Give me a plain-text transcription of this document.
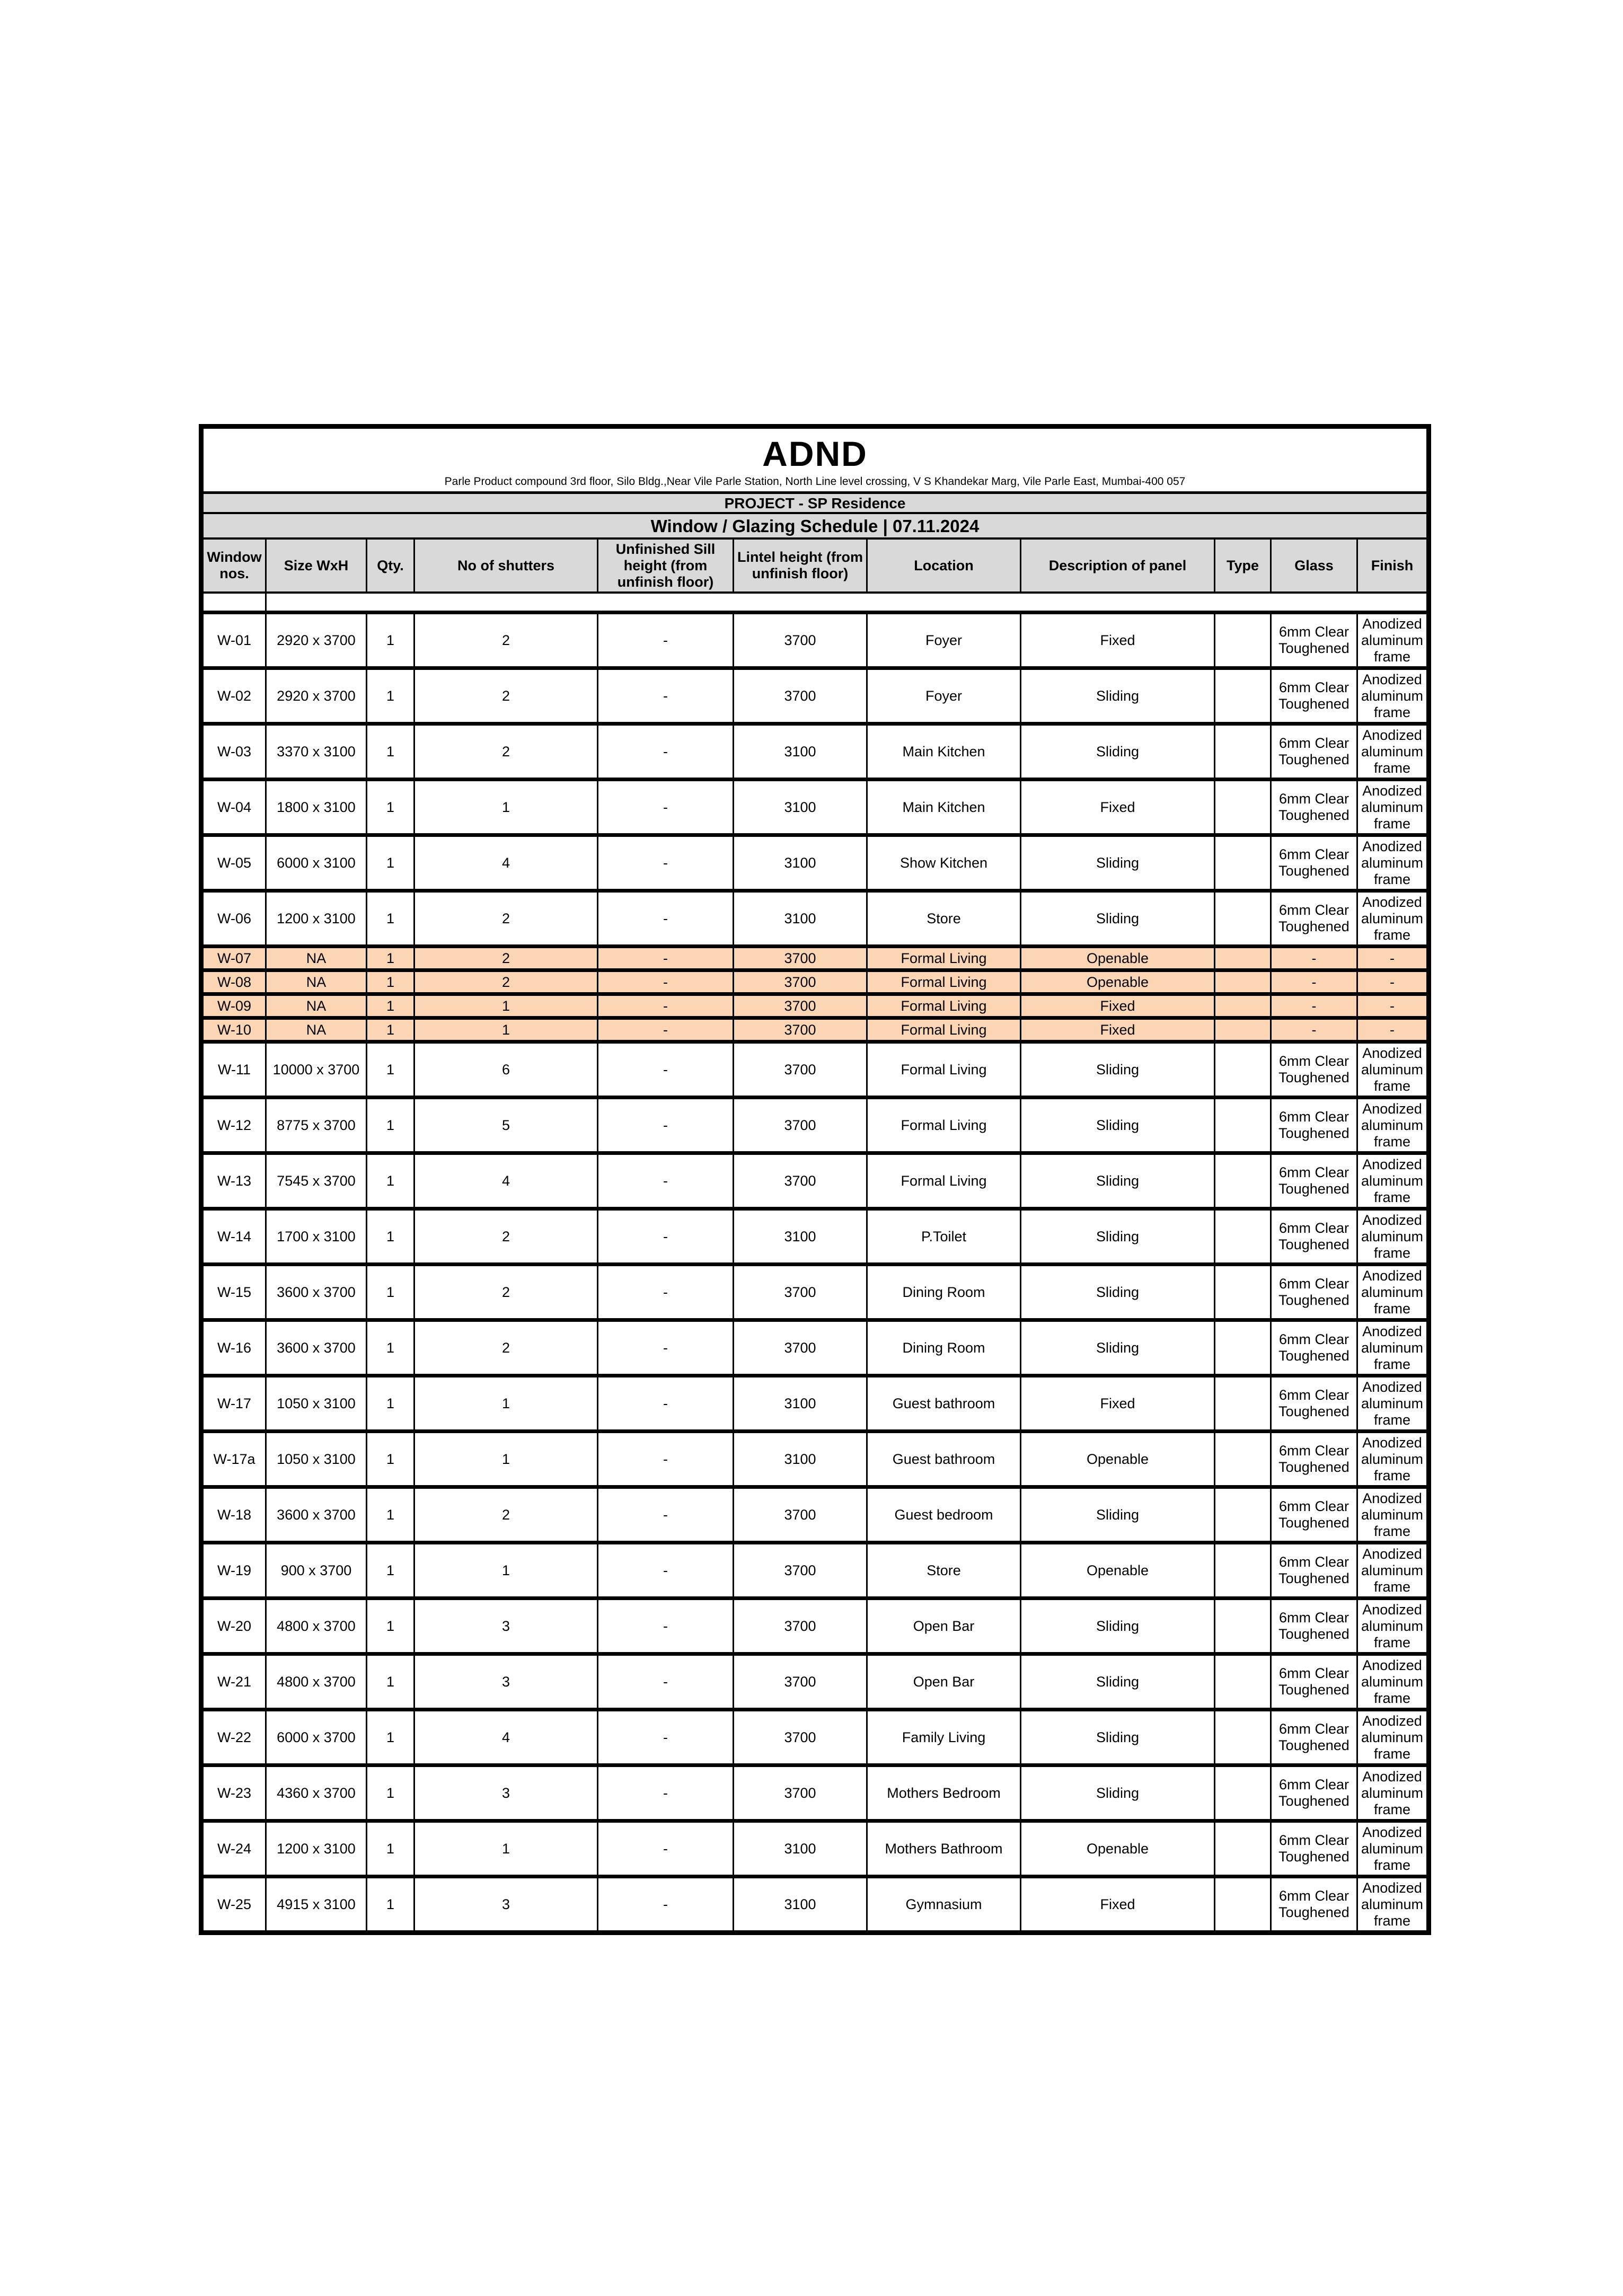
ADND
Parle Product compound 3rd floor, Silo Bldg.,Near Vile Parle Station, North Line level crossing, V S Khandekar Marg, Vile Parle East, Mumbai-400 057										

PROJECT - SP Residence										
Window / Glazing Schedule | 07.11.2024										
Window nos.	Size WxH	Qty.	No of shutters	Unfinished Sill height (from unfinish floor)	Lintel height (from unfinish floor)	Location	Description of panel	Type	Glass	Finish

W-01	2920 x 3700	1	2	-	3700	Foyer	Fixed		6mm Clear Toughened	Anodized aluminum frame
W-02	2920 x 3700	1	2	-	3700	Foyer	Sliding		6mm Clear Toughened	Anodized aluminum frame
W-03	3370 x 3100	1	2	-	3100	Main Kitchen	Sliding		6mm Clear Toughened	Anodized aluminum frame
W-04	1800 x 3100	1	1	-	3100	Main Kitchen	Fixed		6mm Clear Toughened	Anodized aluminum frame
W-05	6000 x 3100	1	4	-	3100	Show Kitchen	Sliding		6mm Clear Toughened	Anodized aluminum frame
W-06	1200 x 3100	1	2	-	3100	Store	Sliding		6mm Clear Toughened	Anodized aluminum frame
W-07	NA	1	2	-	3700	Formal Living	Openable		-	-
W-08	NA	1	2	-	3700	Formal Living	Openable		-	-
W-09	NA	1	1	-	3700	Formal Living	Fixed		-	-
W-10	NA	1	1	-	3700	Formal Living	Fixed		-	-
W-11	10000 x 3700	1	6	-	3700	Formal Living	Sliding		6mm Clear Toughened	Anodized aluminum frame
W-12	8775 x 3700	1	5	-	3700	Formal Living	Sliding		6mm Clear Toughened	Anodized aluminum frame
W-13	7545 x 3700	1	4	-	3700	Formal Living	Sliding		6mm Clear Toughened	Anodized aluminum frame
W-14	1700 x 3100	1	2	-	3100	P.Toilet	Sliding		6mm Clear Toughened	Anodized aluminum frame
W-15	3600 x 3700	1	2	-	3700	Dining Room	Sliding		6mm Clear Toughened	Anodized aluminum frame
W-16	3600 x 3700	1	2	-	3700	Dining Room	Sliding		6mm Clear Toughened	Anodized aluminum frame
W-17	1050 x 3100	1	1	-	3100	Guest bathroom	Fixed		6mm Clear Toughened	Anodized aluminum frame
W-17a	1050 x 3100	1	1	-	3100	Guest bathroom	Openable		6mm Clear Toughened	Anodized aluminum frame
W-18	3600 x 3700	1	2	-	3700	Guest bedroom	Sliding		6mm Clear Toughened	Anodized aluminum frame
W-19	900 x 3700	1	1	-	3700	Store	Openable		6mm Clear Toughened	Anodized aluminum frame
W-20	4800 x 3700	1	3	-	3700	Open Bar	Sliding		6mm Clear Toughened	Anodized aluminum frame
W-21	4800 x 3700	1	3	-	3700	Open Bar	Sliding		6mm Clear Toughened	Anodized aluminum frame
W-22	6000 x 3700	1	4	-	3700	Family Living	Sliding		6mm Clear Toughened	Anodized aluminum frame
W-23	4360 x 3700	1	3	-	3700	Mothers Bedroom	Sliding		6mm Clear Toughened	Anodized aluminum frame
W-24	1200 x 3100	1	1	-	3100	Mothers Bathroom	Openable		6mm Clear Toughened	Anodized aluminum frame
W-25	4915 x 3100	1	3	-	3100	Gymnasium	Fixed		6mm Clear Toughened	Anodized aluminum frame
